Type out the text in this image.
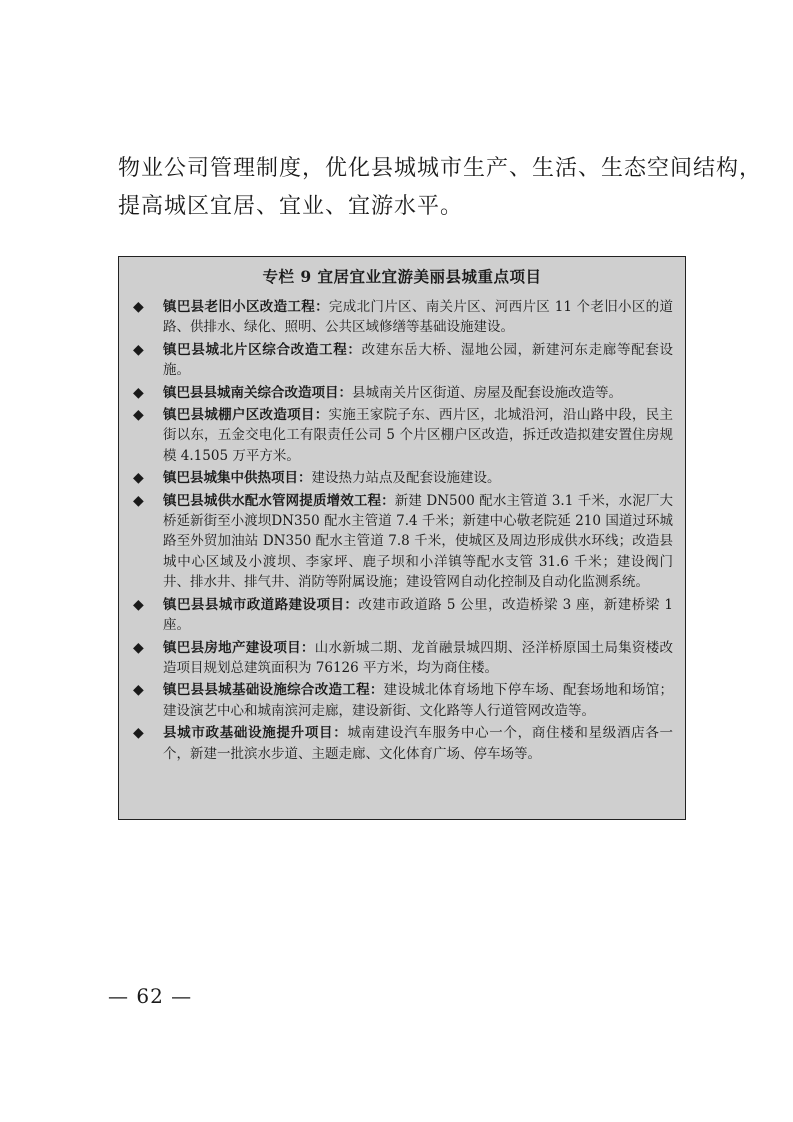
物业公司管理制度，优化县城城市生产、生活、生态空间结构，

提高城区宜居、宜业、宜游水平。

专栏 9 宜居宜业宜游美丽县城重点项目
◆ 镇巴县老旧小区改造工程：完成北门片区、南关片区、河西片区 11 个老旧小区的道路、供排水、绿化、照明、公共区域修缮等基础设施建设。
◆ 镇巴县城北片区综合改造工程：改建东岳大桥、湿地公园，新建河东走廊等配套设施。
◆ 镇巴县县城南关综合改造项目：县城南关片区街道、房屋及配套设施改造等。
◆ 镇巴县城棚户区改造项目：实施王家院子东、西片区，北城沿河，沿山路中段，民主街以东，五金交电化工有限责任公司 5 个片区棚户区改造，拆迁改造拟建安置住房规模 4.1505 万平方米。
◆ 镇巴县城集中供热项目：建设热力站点及配套设施建设。
◆ 镇巴县城供水配水管网提质增效工程：新建 DN500 配水主管道 3.1 千米，水泥厂大桥延新街至小渡坝DN350 配水主管道 7.4 千米；新建中心敬老院延 210 国道过环城路至外贸加油站 DN350 配水主管道 7.8 千米，使城区及周边形成供水环线；改造县城中心区域及小渡坝、李家坪、鹿子坝和小洋镇等配水支管 31.6 千米；建设阀门井、排水井、排气井、消防等附属设施；建设管网自动化控制及自动化监测系统。
◆ 镇巴县县城市政道路建设项目：改建市政道路 5 公里，改造桥梁 3 座，新建桥梁 1 座。
◆ 镇巴县房地产建设项目：山水新城二期、龙首融景城四期、泾洋桥原国土局集资楼改造项目规划总建筑面积为 76126 平方米，均为商住楼。
◆ 镇巴县县城基础设施综合改造工程：建设城北体育场地下停车场、配套场地和场馆；建设演艺中心和城南滨河走廊，建设新街、文化路等人行道管网改造等。
◆ 县城市政基础设施提升项目：城南建设汽车服务中心一个，商住楼和星级酒店各一个，新建一批滨水步道、主题走廊、文化体育广场、停车场等。
— 62 —
